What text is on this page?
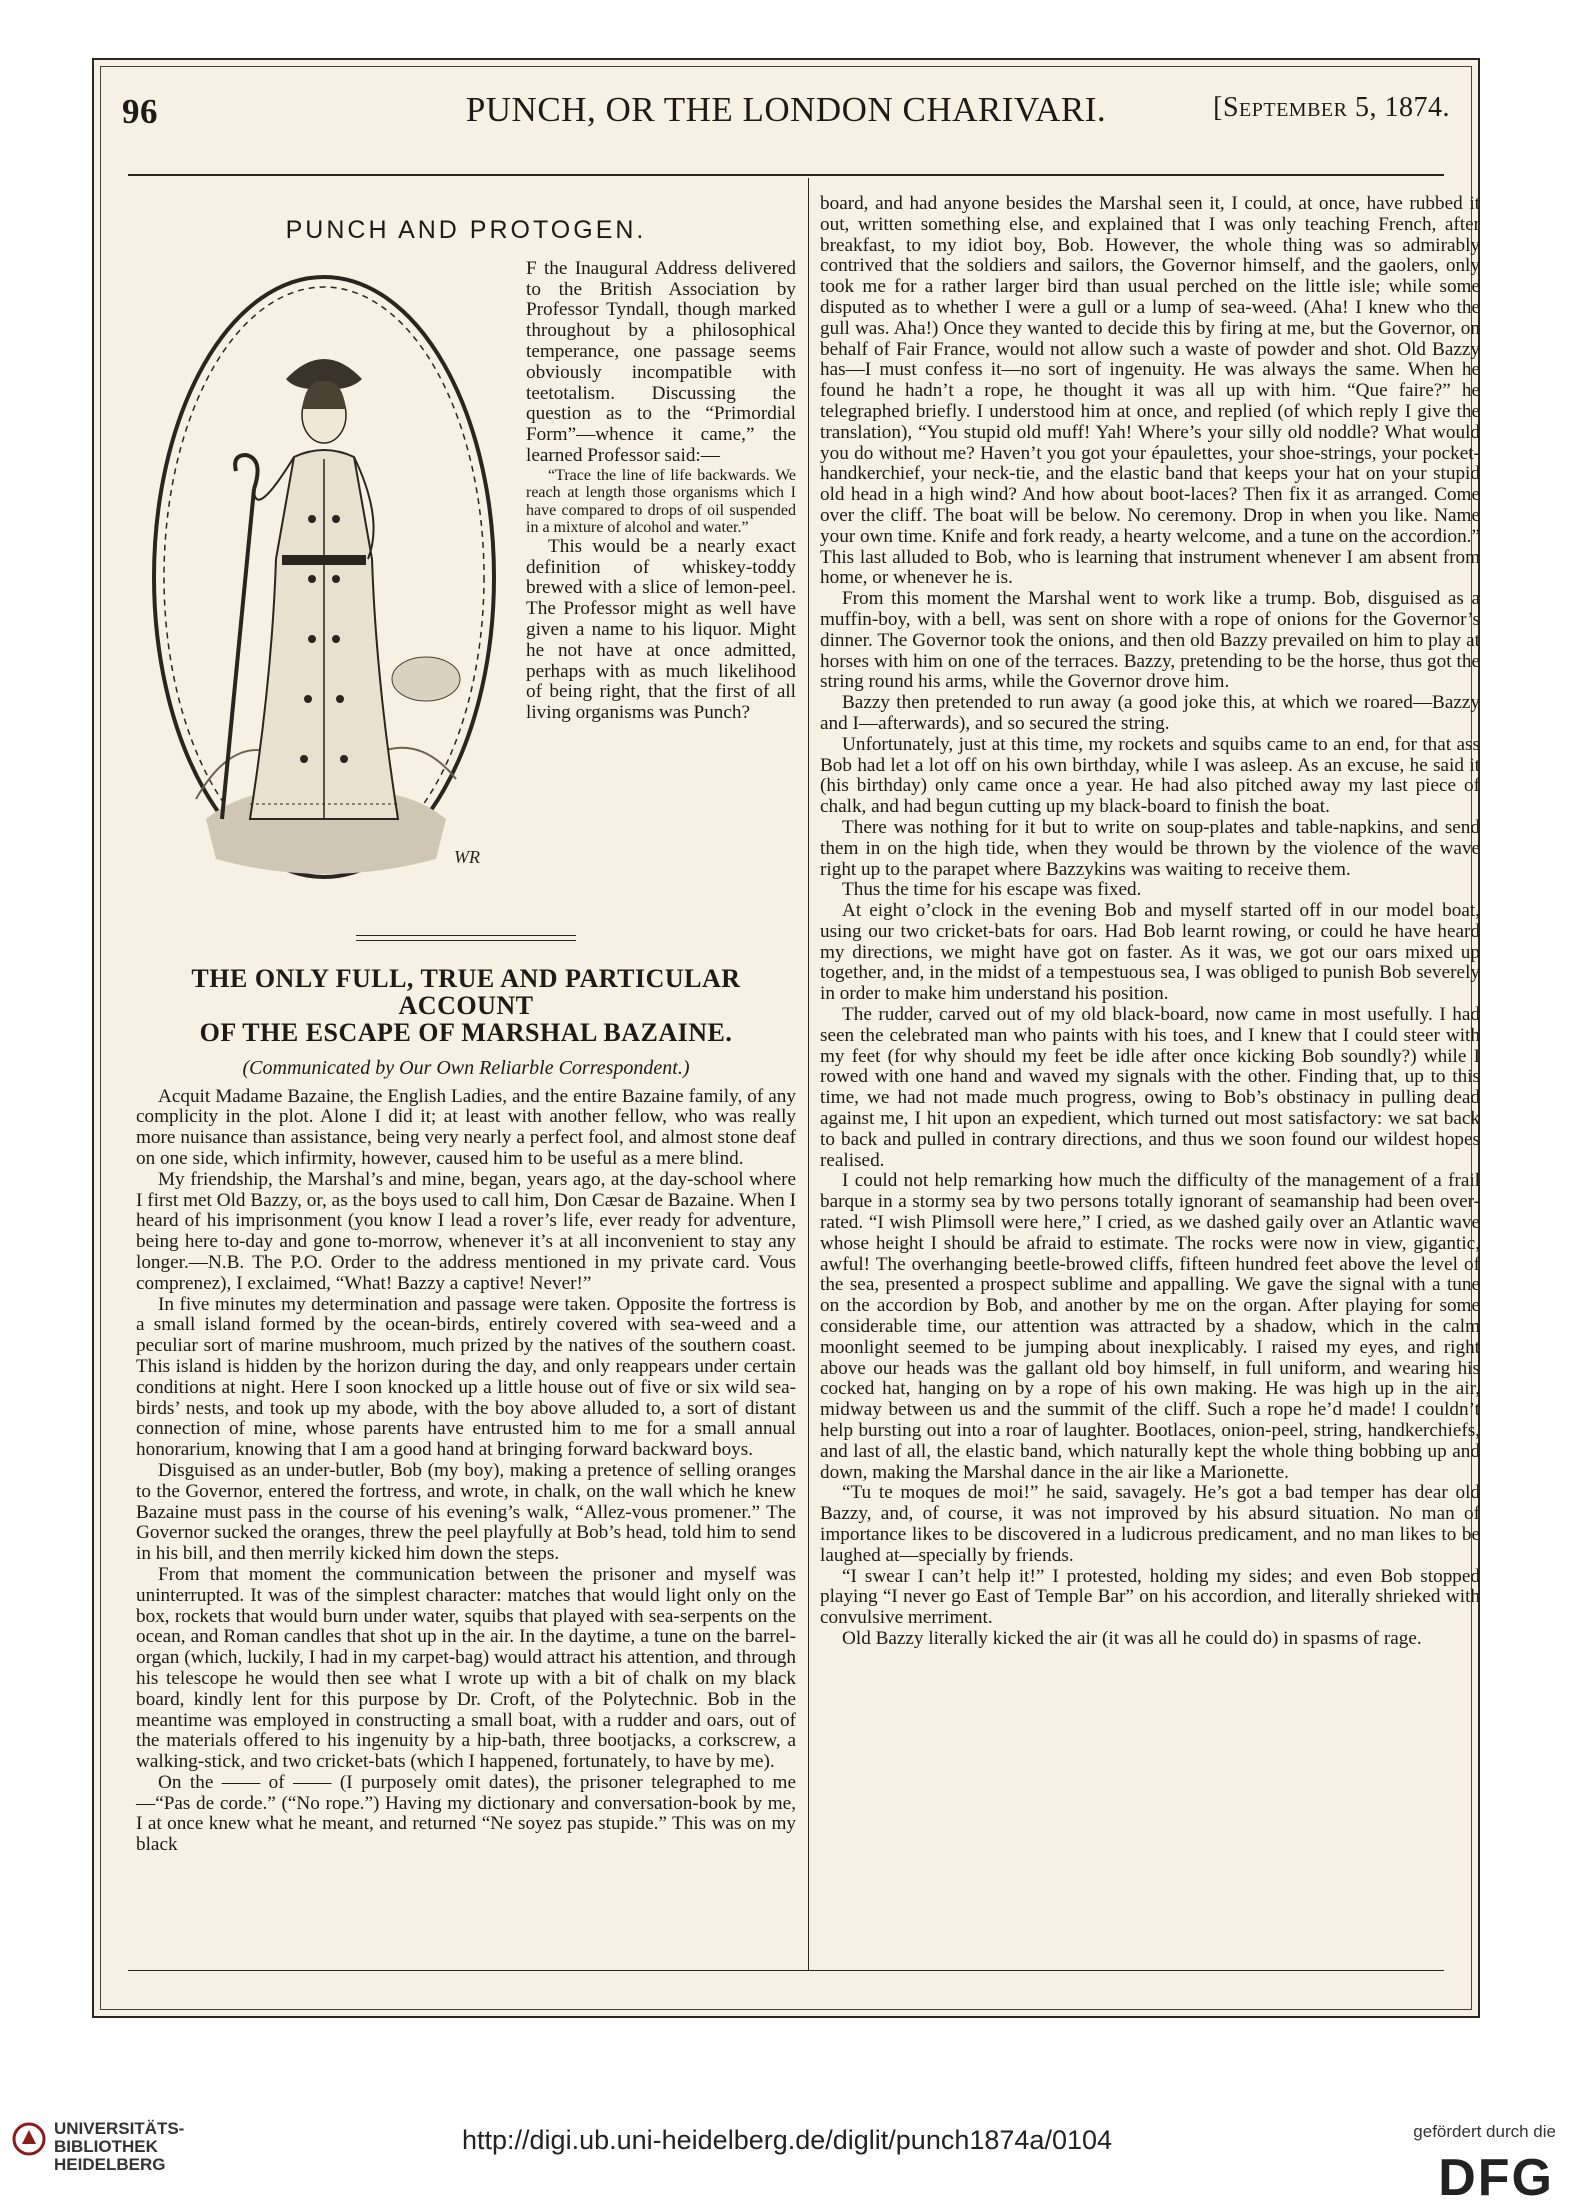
96	PUNCH, OR THE LONDON CHARIVARI.	[September 5, 1874.
PUNCH AND PROTOGEN.
WR

F the Inaugural Address delivered to the British Association by Professor Tyndall, though marked throughout by a philosophical temperance, one passage seems obviously incompatible with teetotalism. Discussing the question as to the “Primordial Form”—whence it came,” the learned Professor said:—

“Trace the line of life backwards. We reach at length those organisms which I have compared to drops of oil suspended in a mixture of alcohol and water.”

This would be a nearly exact definition of whiskey-toddy brewed with a slice of lemon-peel. The Professor might as well have given a name to his liquor. Might he not have at once admitted, perhaps with as much likelihood of being right, that the first of all living organisms was Punch?

THE ONLY FULL, TRUE AND PARTICULAR ACCOUNT
OF THE ESCAPE OF MARSHAL BAZAINE.
(Communicated by Our Own Reliarble Correspondent.)

Acquit Madame Bazaine, the English Ladies, and the entire Bazaine family, of any complicity in the plot. Alone I did it; at least with another fellow, who was really more nuisance than assistance, being very nearly a perfect fool, and almost stone deaf on one side, which infirmity, however, caused him to be useful as a mere blind.

My friendship, the Marshal’s and mine, began, years ago, at the day-school where I first met Old Bazzy, or, as the boys used to call him, Don Cæsar de Bazaine. When I heard of his imprisonment (you know I lead a rover’s life, ever ready for adventure, being here to-day and gone to-morrow, whenever it’s at all inconvenient to stay any longer.—N.B. The P.O. Order to the address mentioned in my private card. Vous comprenez), I exclaimed, “What! Bazzy a captive! Never!”

In five minutes my determination and passage were taken. Opposite the fortress is a small island formed by the ocean-birds, entirely covered with sea-weed and a peculiar sort of marine mushroom, much prized by the natives of the southern coast. This island is hidden by the horizon during the day, and only reappears under certain conditions at night. Here I soon knocked up a little house out of five or six wild sea-birds’ nests, and took up my abode, with the boy above alluded to, a sort of distant connection of mine, whose parents have entrusted him to me for a small annual honorarium, knowing that I am a good hand at bringing forward backward boys.

Disguised as an under-butler, Bob (my boy), making a pretence of selling oranges to the Governor, entered the fortress, and wrote, in chalk, on the wall which he knew Bazaine must pass in the course of his evening’s walk, “Allez-vous promener.” The Governor sucked the oranges, threw the peel playfully at Bob’s head, told him to send in his bill, and then merrily kicked him down the steps.

From that moment the communication between the prisoner and myself was uninterrupted. It was of the simplest character: matches that would light only on the box, rockets that would burn under water, squibs that played with sea-serpents on the ocean, and Roman candles that shot up in the air. In the daytime, a tune on the barrel-organ (which, luckily, I had in my carpet-bag) would attract his attention, and through his telescope he would then see what I wrote up with a bit of chalk on my black board, kindly lent for this purpose by Dr. Croft, of the Polytechnic. Bob in the meantime was employed in constructing a small boat, with a rudder and oars, out of the materials offered to his ingenuity by a hip-bath, three bootjacks, a corkscrew, a walking-stick, and two cricket-bats (which I happened, fortunately, to have by me).

On the —— of —— (I purposely omit dates), the prisoner telegraphed to me—“Pas de corde.” (“No rope.”) Having my dictionary and conversation-book by me, I at once knew what he meant, and returned “Ne soyez pas stupide.” This was on my black

board, and had anyone besides the Marshal seen it, I could, at once, have rubbed it out, written something else, and explained that I was only teaching French, after breakfast, to my idiot boy, Bob. However, the whole thing was so admirably contrived that the soldiers and sailors, the Governor himself, and the gaolers, only took me for a rather larger bird than usual perched on the little isle; while some disputed as to whether I were a gull or a lump of sea-weed. (Aha! I knew who the gull was. Aha!) Once they wanted to decide this by firing at me, but the Governor, on behalf of Fair France, would not allow such a waste of powder and shot. Old Bazzy has—I must confess it—no sort of ingenuity. He was always the same. When he found he hadn’t a rope, he thought it was all up with him. “Que faire?” he telegraphed briefly. I understood him at once, and replied (of which reply I give the translation), “You stupid old muff! Yah! Where’s your silly old noddle? What would you do without me? Haven’t you got your épaulettes, your shoe-strings, your pocket-handkerchief, your neck-tie, and the elastic band that keeps your hat on your stupid old head in a high wind? And how about boot-laces? Then fix it as arranged. Come over the cliff. The boat will be below. No ceremony. Drop in when you like. Name your own time. Knife and fork ready, a hearty welcome, and a tune on the accordion.” This last alluded to Bob, who is learning that instrument whenever I am absent from home, or whenever he is.

From this moment the Marshal went to work like a trump. Bob, disguised as a muffin-boy, with a bell, was sent on shore with a rope of onions for the Governor’s dinner. The Governor took the onions, and then old Bazzy prevailed on him to play at horses with him on one of the terraces. Bazzy, pretending to be the horse, thus got the string round his arms, while the Governor drove him.

Bazzy then pretended to run away (a good joke this, at which we roared—Bazzy and I—afterwards), and so secured the string.

Unfortunately, just at this time, my rockets and squibs came to an end, for that ass Bob had let a lot off on his own birthday, while I was asleep. As an excuse, he said it (his birthday) only came once a year. He had also pitched away my last piece of chalk, and had begun cutting up my black-board to finish the boat.

There was nothing for it but to write on soup-plates and table-napkins, and send them in on the high tide, when they would be thrown by the violence of the wave right up to the parapet where Bazzykins was waiting to receive them.

Thus the time for his escape was fixed.

At eight o’clock in the evening Bob and myself started off in our model boat, using our two cricket-bats for oars. Had Bob learnt rowing, or could he have heard my directions, we might have got on faster. As it was, we got our oars mixed up together, and, in the midst of a tempestuous sea, I was obliged to punish Bob severely in order to make him understand his position.

The rudder, carved out of my old black-board, now came in most usefully. I had seen the celebrated man who paints with his toes, and I knew that I could steer with my feet (for why should my feet be idle after once kicking Bob soundly?) while I rowed with one hand and waved my signals with the other. Finding that, up to this time, we had not made much progress, owing to Bob’s obstinacy in pulling dead against me, I hit upon an expedient, which turned out most satisfactory: we sat back to back and pulled in contrary directions, and thus we soon found our wildest hopes realised.

I could not help remarking how much the difficulty of the management of a frail barque in a stormy sea by two persons totally ignorant of seamanship had been over-rated. “I wish Plimsoll were here,” I cried, as we dashed gaily over an Atlantic wave whose height I should be afraid to estimate. The rocks were now in view, gigantic, awful! The overhanging beetle-browed cliffs, fifteen hundred feet above the level of the sea, presented a prospect sublime and appalling. We gave the signal with a tune on the accordion by Bob, and another by me on the organ. After playing for some considerable time, our attention was attracted by a shadow, which in the calm moonlight seemed to be jumping about inexplicably. I raised my eyes, and right above our heads was the gallant old boy himself, in full uniform, and wearing his cocked hat, hanging on by a rope of his own making. He was high up in the air, midway between us and the summit of the cliff. Such a rope he’d made! I couldn’t help bursting out into a roar of laughter. Bootlaces, onion-peel, string, handkerchiefs, and last of all, the elastic band, which naturally kept the whole thing bobbing up and down, making the Marshal dance in the air like a Marionette.

“Tu te moques de moi!” he said, savagely. He’s got a bad temper has dear old Bazzy, and, of course, it was not improved by his absurd situation. No man of importance likes to be discovered in a ludicrous predicament, and no man likes to be laughed at—specially by friends.

“I swear I can’t help it!” I protested, holding my sides; and even Bob stopped playing “I never go East of Temple Bar” on his accordion, and literally shrieked with convulsive merriment.

Old Bazzy literally kicked the air (it was all he could do) in spasms of rage.

UNIVERSITÄTS-
BIBLIOTHEK
HEIDELBERG
http://digi.ub.uni-heidelberg.de/diglit/punch1874a/0104	gefördert durch die
DFG
